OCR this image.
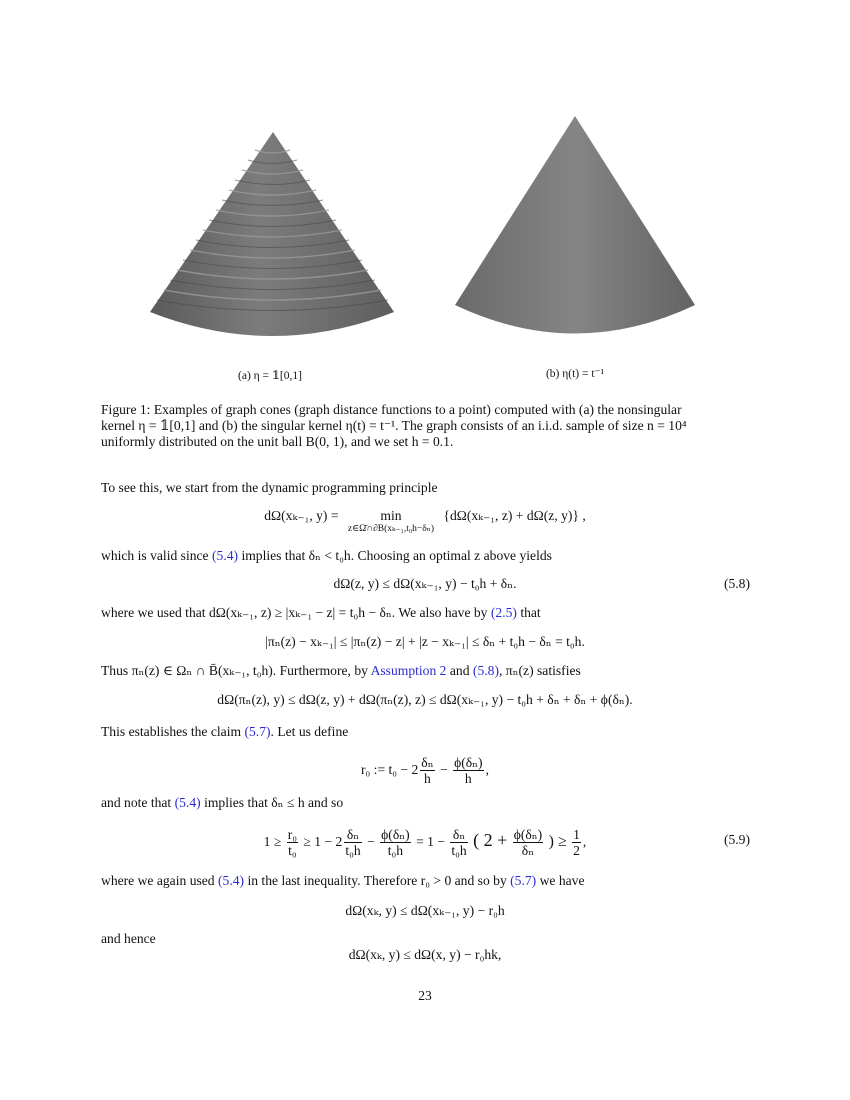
(a) η = 𝟙[0,1]	(b) η(t) = t⁻¹
Figure 1: Examples of graph cones (graph distance functions to a point) computed with (a) the nonsingular
kernel η = 𝟙[0,1] and (b) the singular kernel η(t) = t⁻¹. The graph consists of an i.i.d. sample of size n = 10⁴
uniformly distributed on the unit ball B(0, 1), and we set h = 0.1.
To see this, we start from the dynamic programming principle
dΩ(xₖ₋₁, y) =	min
z∈Ω̄∩∂B(xₖ₋₁,t₀h−δₙ)
{dΩ(xₖ₋₁, z) + dΩ(z, y)} ,
which is valid since (5.4) implies that δₙ < t₀h. Choosing an optimal z above yields
dΩ(z, y) ≤ dΩ(xₖ₋₁, y) − t₀h + δₙ.	(5.8)
where we used that dΩ(xₖ₋₁, z) ≥ |xₖ₋₁ − z| = t₀h − δₙ. We also have by (2.5) that
|πₙ(z) − xₖ₋₁| ≤ |πₙ(z) − z| + |z − xₖ₋₁| ≤ δₙ + t₀h − δₙ = t₀h.
Thus πₙ(z) ∈ Ωₙ ∩ B̄(xₖ₋₁, t₀h). Furthermore, by Assumption 2 and (5.8), πₙ(z) satisfies
dΩ(πₙ(z), y) ≤ dΩ(z, y) + dΩ(πₙ(z), z) ≤ dΩ(xₖ₋₁, y) − t₀h + δₙ + δₙ + ϕ(δₙ).
This establishes the claim (5.7). Let us define
r₀ := $t_0 - 2 \frac{\text{δₙ}}{h} - \frac{\text{ϕ(δₙ)}}{h}$ ,
and note that (5.4) implies that δₙ ≤ h and so
$1 \ge \frac{\text{r₀}}{\text{t₀}} \ge 1 - 2 \frac{\text{δₙ}}{\text{t₀h}} - \frac{\text{ϕ(δₙ)}}{\text{t₀h}} = 1 - \frac{\text{δₙ}}{\text{t₀h}}$ ( $2 + \frac{\text{ϕ(δₙ)}}{\text{δₙ}}$ ) ≥ $\frac{1}{2}$ ,	(5.9)
where we again used (5.4) in the last inequality. Therefore r₀ > 0 and so by (5.7) we have
dΩ(xₖ, y) ≤ dΩ(xₖ₋₁, y) − r₀h
and hence
dΩ(xₖ, y) ≤ dΩ(x, y) − r₀hk,
23
